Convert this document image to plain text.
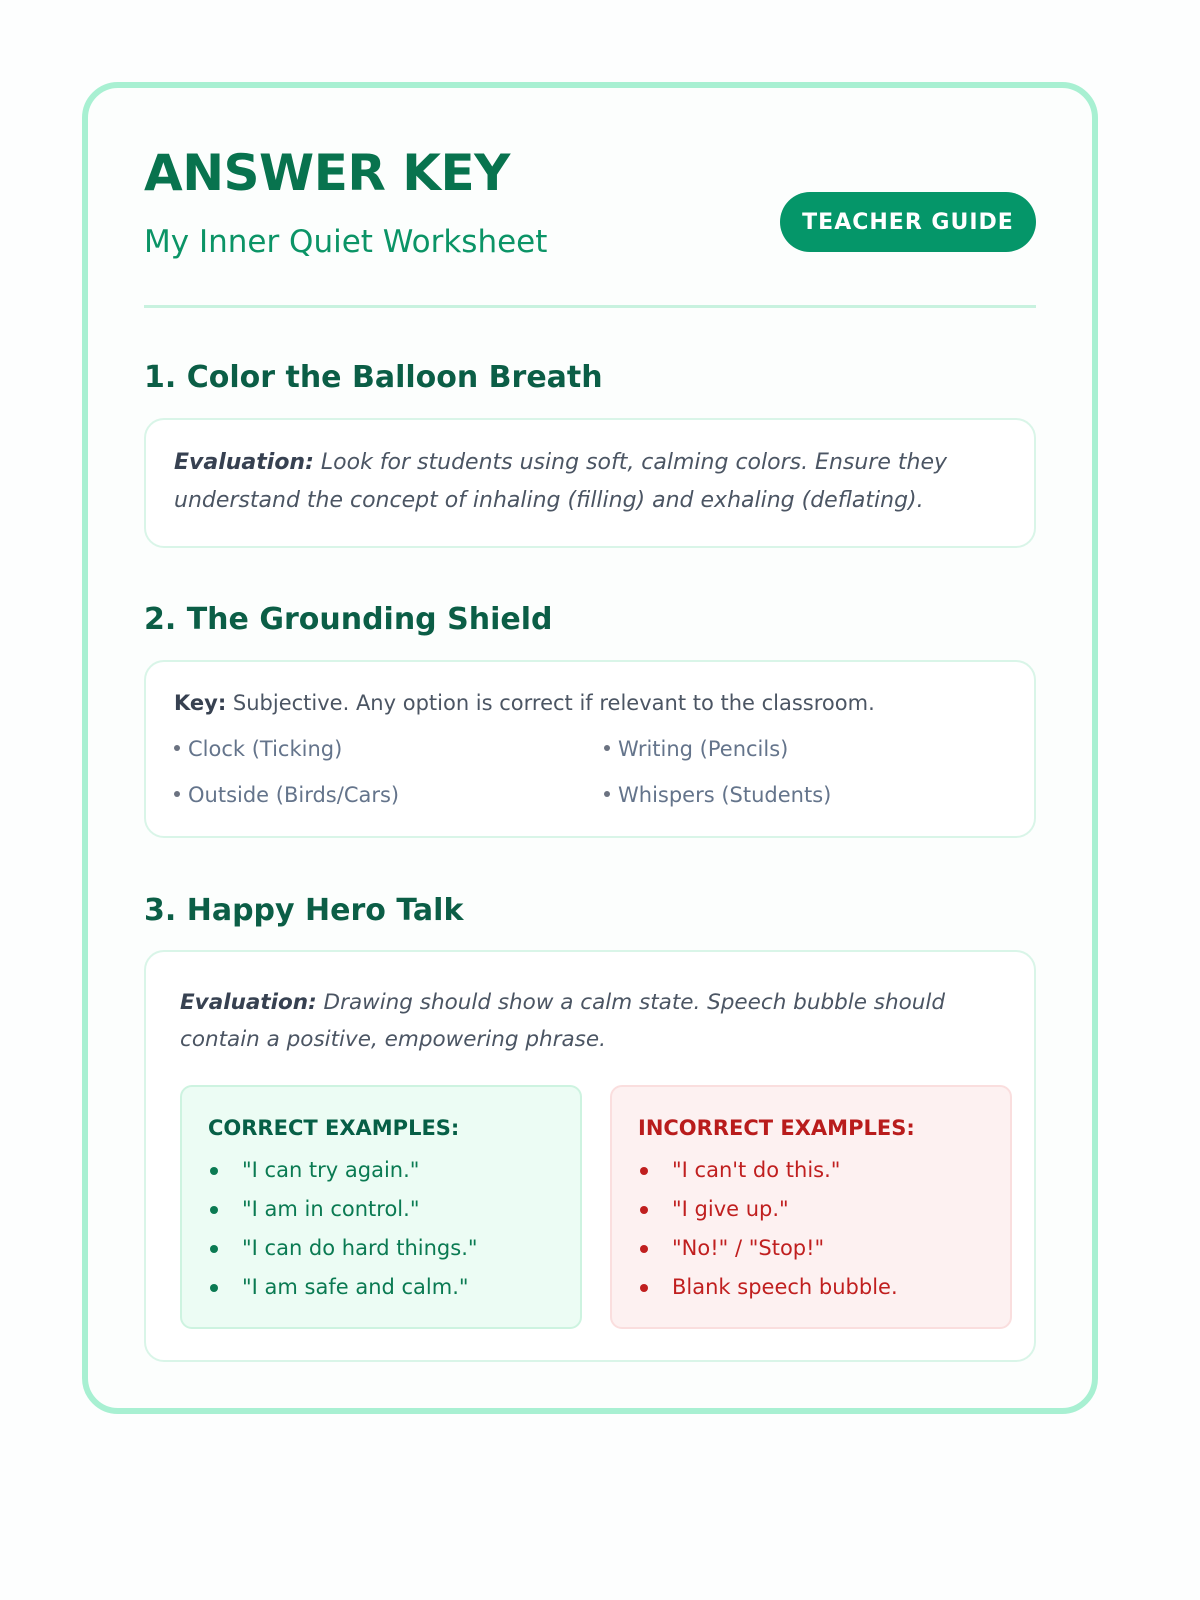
ANSWER KEY
My Inner Quiet Worksheet
TEACHER GUIDE
1. Color the Balloon Breath
Evaluation: Look for students using soft, calming colors. Ensure they understand the concept of inhaling (filling) and exhaling (deflating).
2. The Grounding Shield
Key: Subjective. Any option is correct if relevant to the classroom.
Clock (Ticking)	Writing (Pencils)
Outside (Birds/Cars)	Whispers (Students)
3. Happy Hero Talk
Evaluation: Drawing should show a calm state. Speech bubble should contain a positive, empowering phrase.
CORRECT EXAMPLES:
"I can try again."
"I am in control."
"I can do hard things."
"I am safe and calm."
INCORRECT EXAMPLES:
"I can't do this."
"I give up."
"No!" / "Stop!"
Blank speech bubble.
